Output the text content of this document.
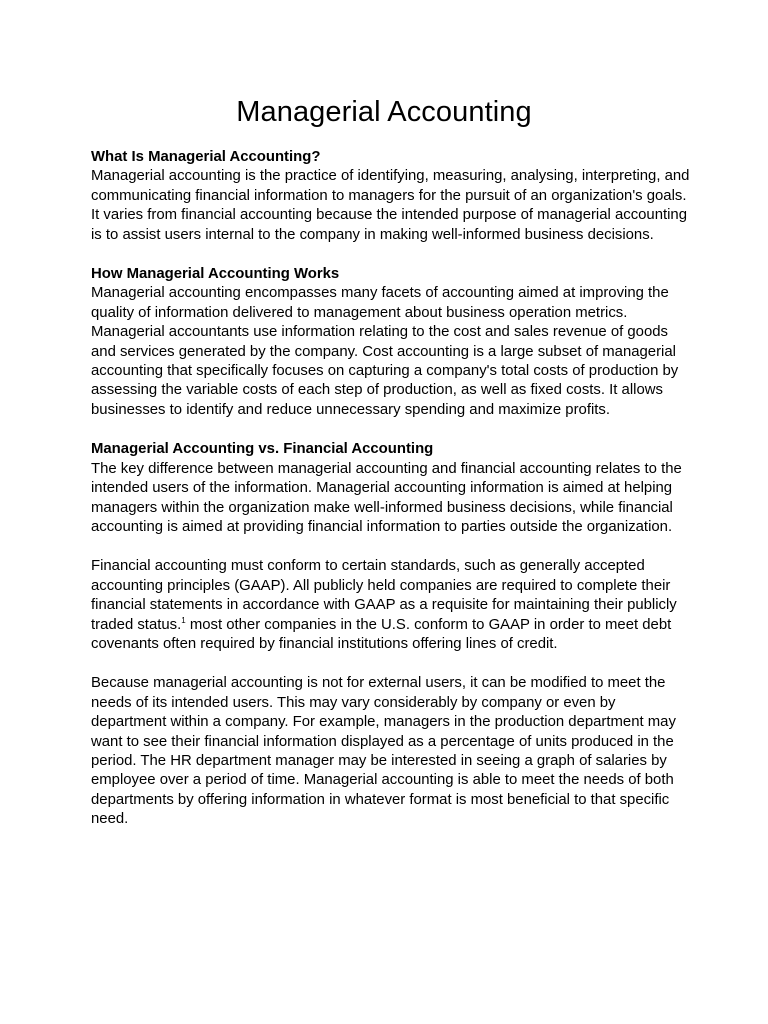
Managerial Accounting

What Is Managerial Accounting?

Managerial accounting is the practice of identifying, measuring, analysing, interpreting, and communicating financial information to managers for the pursuit of an organization's goals. It varies from financial accounting because the intended purpose of managerial accounting is to assist users internal to the company in making well-informed business decisions.

How Managerial Accounting Works

Managerial accounting encompasses many facets of accounting aimed at improving the quality of information delivered to management about business operation metrics. Managerial accountants use information relating to the cost and sales revenue of goods and services generated by the company. Cost accounting is a large subset of managerial accounting that specifically focuses on capturing a company's total costs of production by assessing the variable costs of each step of production, as well as fixed costs. It allows businesses to identify and reduce unnecessary spending and maximize profits.

Managerial Accounting vs. Financial Accounting

The key difference between managerial accounting and financial accounting relates to the intended users of the information. Managerial accounting information is aimed at helping managers within the organization make well-informed business decisions, while financial accounting is aimed at providing financial information to parties outside the organization.

Financial accounting must conform to certain standards, such as generally accepted accounting principles (GAAP). All publicly held companies are required to complete their financial statements in accordance with GAAP as a requisite for maintaining their publicly traded status.$^1$ most other companies in the U.S. conform to GAAP in order to meet debt covenants often required by financial institutions offering lines of credit.

Because managerial accounting is not for external users, it can be modified to meet the needs of its intended users. This may vary considerably by company or even by department within a company. For example, managers in the production department may want to see their financial information displayed as a percentage of units produced in the period. The HR department manager may be interested in seeing a graph of salaries by employee over a period of time. Managerial accounting is able to meet the needs of both departments by offering information in whatever format is most beneficial to that specific need.
